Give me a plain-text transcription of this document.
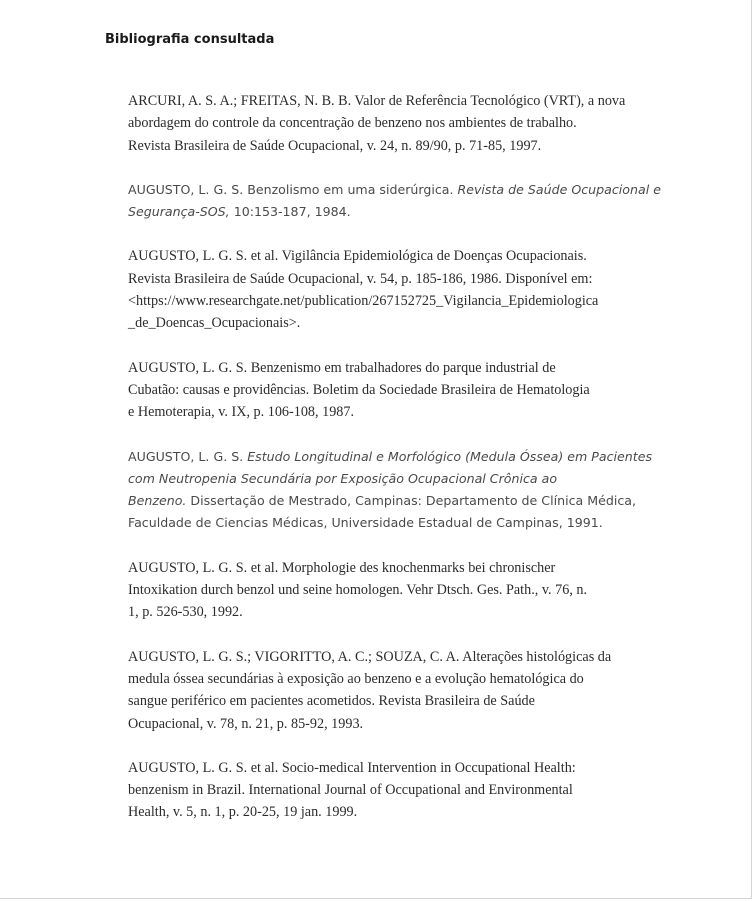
Bibliografia consultada
ARCURI, A. S. A.; FREITAS, N. B. B. Valor de Referência Tecnológico (VRT), a nova
abordagem do controle da concentração de benzeno nos ambientes de trabalho.
Revista Brasileira de Saúde Ocupacional, v. 24, n. 89/90, p. 71-85, 1997.
AUGUSTO, L. G. S. Benzolismo em uma siderúrgica. Revista de Saúde Ocupacional e
Segurança-SOS, 10:153-187, 1984.
AUGUSTO, L. G. S. et al. Vigilância Epidemiológica de Doenças Ocupacionais.
Revista Brasileira de Saúde Ocupacional, v. 54, p. 185-186, 1986. Disponível em:
<https://www.researchgate.net/publication/267152725_Vigilancia_Epidemiologica
_de_Doencas_Ocupacionais>.
AUGUSTO, L. G. S. Benzenismo em trabalhadores do parque industrial de
Cubatão: causas e providências. Boletim da Sociedade Brasileira de Hematologia
e Hemoterapia, v. IX, p. 106-108, 1987.
AUGUSTO, L. G. S. Estudo Longitudinal e Morfológico (Medula Óssea) em Pacientes
com Neutropenia Secundária por Exposição Ocupacional Crônica ao
Benzeno. Dissertação de Mestrado, Campinas: Departamento de Clínica Médica,
Faculdade de Ciencias Médicas, Universidade Estadual de Campinas, 1991.
AUGUSTO, L. G. S. et al. Morphologie des knochenmarks bei chronischer
Intoxikation durch benzol und seine homologen. Vehr Dtsch. Ges. Path., v. 76, n.
1, p. 526-530, 1992.
AUGUSTO, L. G. S.; VIGORITTO, A. C.; SOUZA, C. A. Alterações histológicas da
medula óssea secundárias à exposição ao benzeno e a evolução hematológica do
sangue periférico em pacientes acometidos. Revista Brasileira de Saúde
Ocupacional, v. 78, n. 21, p. 85-92, 1993.
AUGUSTO, L. G. S. et al. Socio-medical Intervention in Occupational Health:
benzenism in Brazil. International Journal of Occupational and Environmental
Health, v. 5, n. 1, p. 20-25, 19 jan. 1999.
